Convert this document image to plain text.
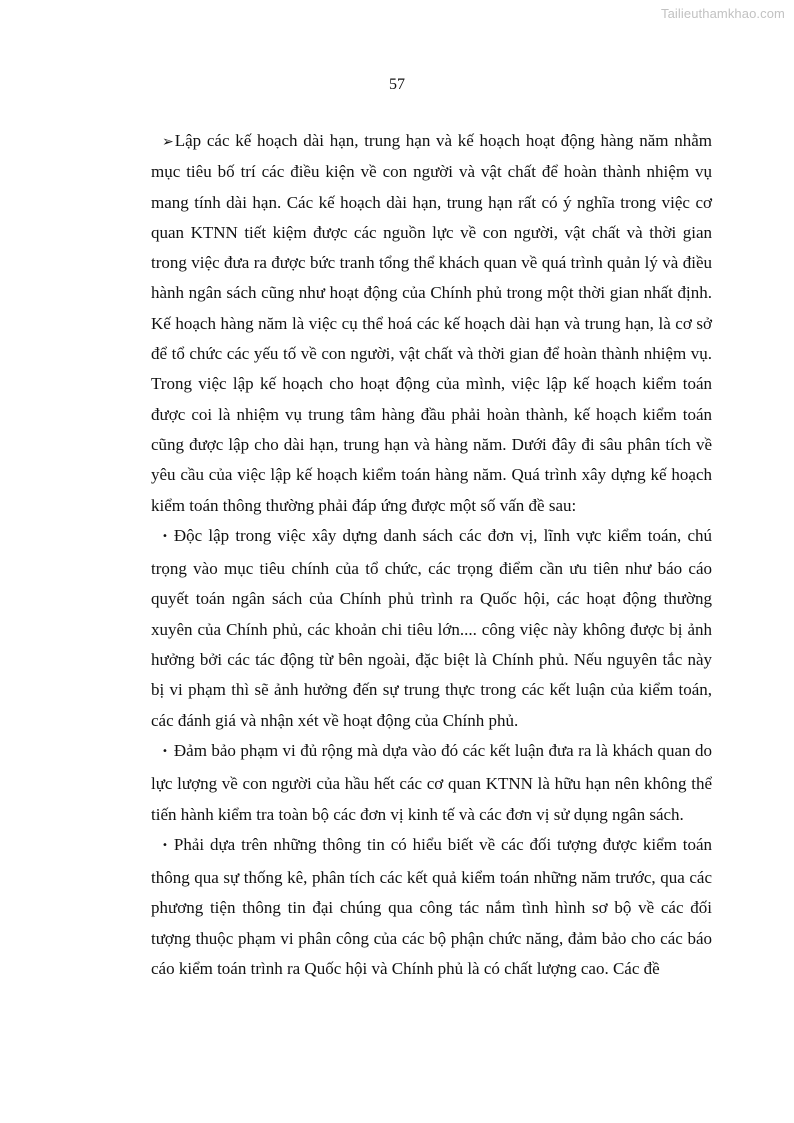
Tailieuthamkhao.com
57

➢Lập các kế hoạch dài hạn, trung hạn và kế hoạch hoạt động hàng năm nhằm mục tiêu bố trí các điều kiện về con người và vật chất để hoàn thành nhiệm vụ mang tính dài hạn. Các kế hoạch dài hạn, trung hạn rất có ý nghĩa trong việc cơ quan KTNN tiết kiệm được các nguồn lực về con người, vật chất và thời gian trong việc đưa ra được bức tranh tổng thể khách quan về quá trình quản lý và điều hành ngân sách cũng như hoạt động của Chính phủ trong một thời gian nhất định. Kế hoạch hàng năm là việc cụ thể hoá các kế hoạch dài hạn và trung hạn, là cơ sở để tổ chức các yếu tố về con người, vật chất và thời gian để hoàn thành nhiệm vụ. Trong việc lập kế hoạch cho hoạt động của mình, việc lập kế hoạch kiểm toán được coi là nhiệm vụ trung tâm hàng đầu phải hoàn thành, kế hoạch kiểm toán cũng được lập cho dài hạn, trung hạn và hàng năm. Dưới đây đi sâu phân tích về yêu cầu của việc lập kế hoạch kiểm toán hàng năm. Quá trình xây dựng kế hoạch kiểm toán thông thường phải đáp ứng được một số vấn đề sau:

• Độc lập trong việc xây dựng danh sách các đơn vị, lĩnh vực kiểm toán, chú trọng vào mục tiêu chính của tổ chức, các trọng điểm cần ưu tiên như báo cáo quyết toán ngân sách của Chính phủ trình ra Quốc hội, các hoạt động thường xuyên của Chính phủ, các khoản chi tiêu lớn.... công việc này không được bị ảnh hưởng bởi các tác động từ bên ngoài, đặc biệt là Chính phủ. Nếu nguyên tắc này bị vi phạm thì sẽ ảnh hưởng đến sự trung thực trong các kết luận của kiểm toán, các đánh giá và nhận xét về hoạt động của Chính phủ.

• Đảm bảo phạm vi đủ rộng mà dựa vào đó các kết luận đưa ra là khách quan do lực lượng về con người của hầu hết các cơ quan KTNN là hữu hạn nên không thể tiến hành kiểm tra toàn bộ các đơn vị kinh tế và các đơn vị sử dụng ngân sách.

• Phải dựa trên những thông tin có hiểu biết về các đối tượng được kiểm toán thông qua sự thống kê, phân tích các kết quả kiểm toán những năm trước, qua các phương tiện thông tin đại chúng qua công tác nắm tình hình sơ bộ về các đối tượng thuộc phạm vi phân công của các bộ phận chức năng, đảm bảo cho các báo cáo kiểm toán trình ra Quốc hội và Chính phủ là có chất lượng cao. Các đề
